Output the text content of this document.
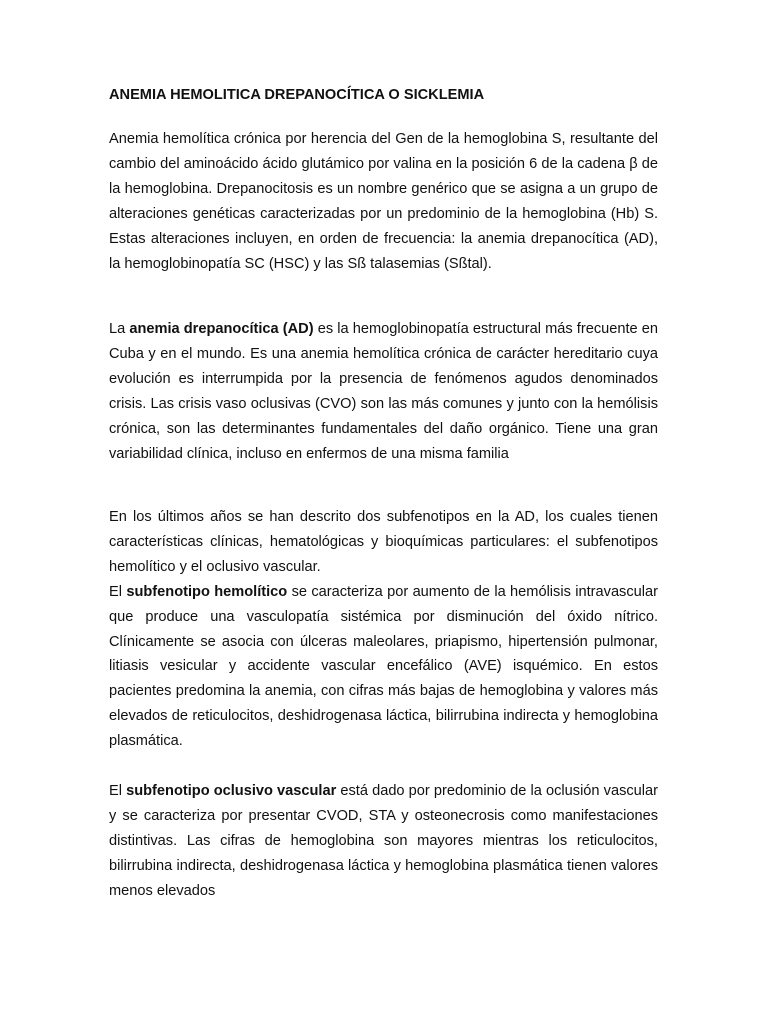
ANEMIA HEMOLITICA DREPANOCÍTICA O SICKLEMIA

Anemia hemolítica crónica por herencia del Gen de la hemoglobina S, resultante del cambio del aminoácido ácido glutámico por valina en la posición 6 de la cadena β de la hemoglobina. Drepanocitosis es un nombre genérico que se asigna a un grupo de alteraciones genéticas caracterizadas por un predominio de la hemoglobina (Hb) S. Estas alteraciones incluyen, en orden de frecuencia: la anemia drepanocítica (AD), la hemoglobinopatía SC (HSC) y las Sß talasemias (Sßtal).

La anemia drepanocítica (AD) es la hemoglobinopatía estructural más frecuente en Cuba y en el mundo. Es una anemia hemolítica crónica de carácter hereditario cuya evolución es interrumpida por la presencia de fenómenos agudos denominados crisis. Las crisis vaso oclusivas (CVO) son las más comunes y junto con la hemólisis crónica, son las determinantes fundamentales del daño orgánico. Tiene una gran variabilidad clínica, incluso en enfermos de una misma familia

En los últimos años se han descrito dos subfenotipos en la AD, los cuales tienen características clínicas, hematológicas y bioquímicas particulares: el subfenotipos hemolítico y el oclusivo vascular.
El subfenotipo hemolítico se caracteriza por aumento de la hemólisis intravascular que produce una vasculopatía sistémica por disminución del óxido nítrico. Clínicamente se asocia con úlceras maleolares, priapismo, hipertensión pulmonar, litiasis vesicular y accidente vascular encefálico (AVE) isquémico. En estos pacientes predomina la anemia, con cifras más bajas de hemoglobina y valores más elevados de reticulocitos, deshidrogenasa láctica, bilirrubina indirecta y hemoglobina plasmática.

El subfenotipo oclusivo vascular está dado por predominio de la oclusión vascular y se caracteriza por presentar CVOD, STA y osteonecrosis como manifestaciones distintivas. Las cifras de hemoglobina son mayores mientras los reticulocitos, bilirrubina indirecta, deshidrogenasa láctica y hemoglobina plasmática tienen valores menos elevados
